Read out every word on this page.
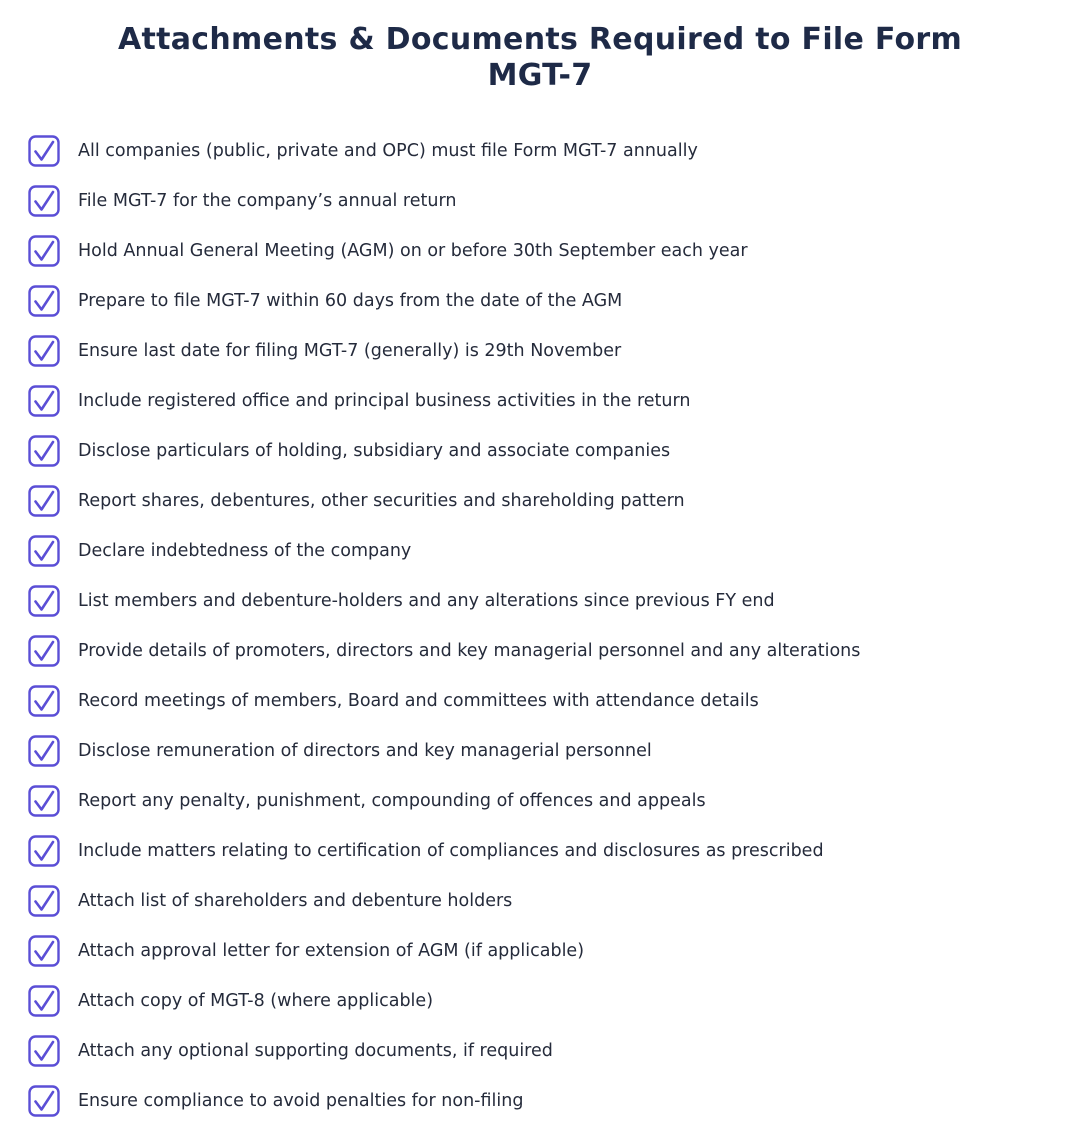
Attachments & Documents Required to File Form MGT-7
All companies (public, private and OPC) must file Form MGT-7 annually
File MGT-7 for the company’s annual return
Hold Annual General Meeting (AGM) on or before 30th September each year
Prepare to file MGT-7 within 60 days from the date of the AGM
Ensure last date for filing MGT-7 (generally) is 29th November
Include registered office and principal business activities in the return
Disclose particulars of holding, subsidiary and associate companies
Report shares, debentures, other securities and shareholding pattern
Declare indebtedness of the company
List members and debenture-holders and any alterations since previous FY end
Provide details of promoters, directors and key managerial personnel and any alterations
Record meetings of members, Board and committees with attendance details
Disclose remuneration of directors and key managerial personnel
Report any penalty, punishment, compounding of offences and appeals
Include matters relating to certification of compliances and disclosures as prescribed
Attach list of shareholders and debenture holders
Attach approval letter for extension of AGM (if applicable)
Attach copy of MGT-8 (where applicable)
Attach any optional supporting documents, if required
Ensure compliance to avoid penalties for non-filing
